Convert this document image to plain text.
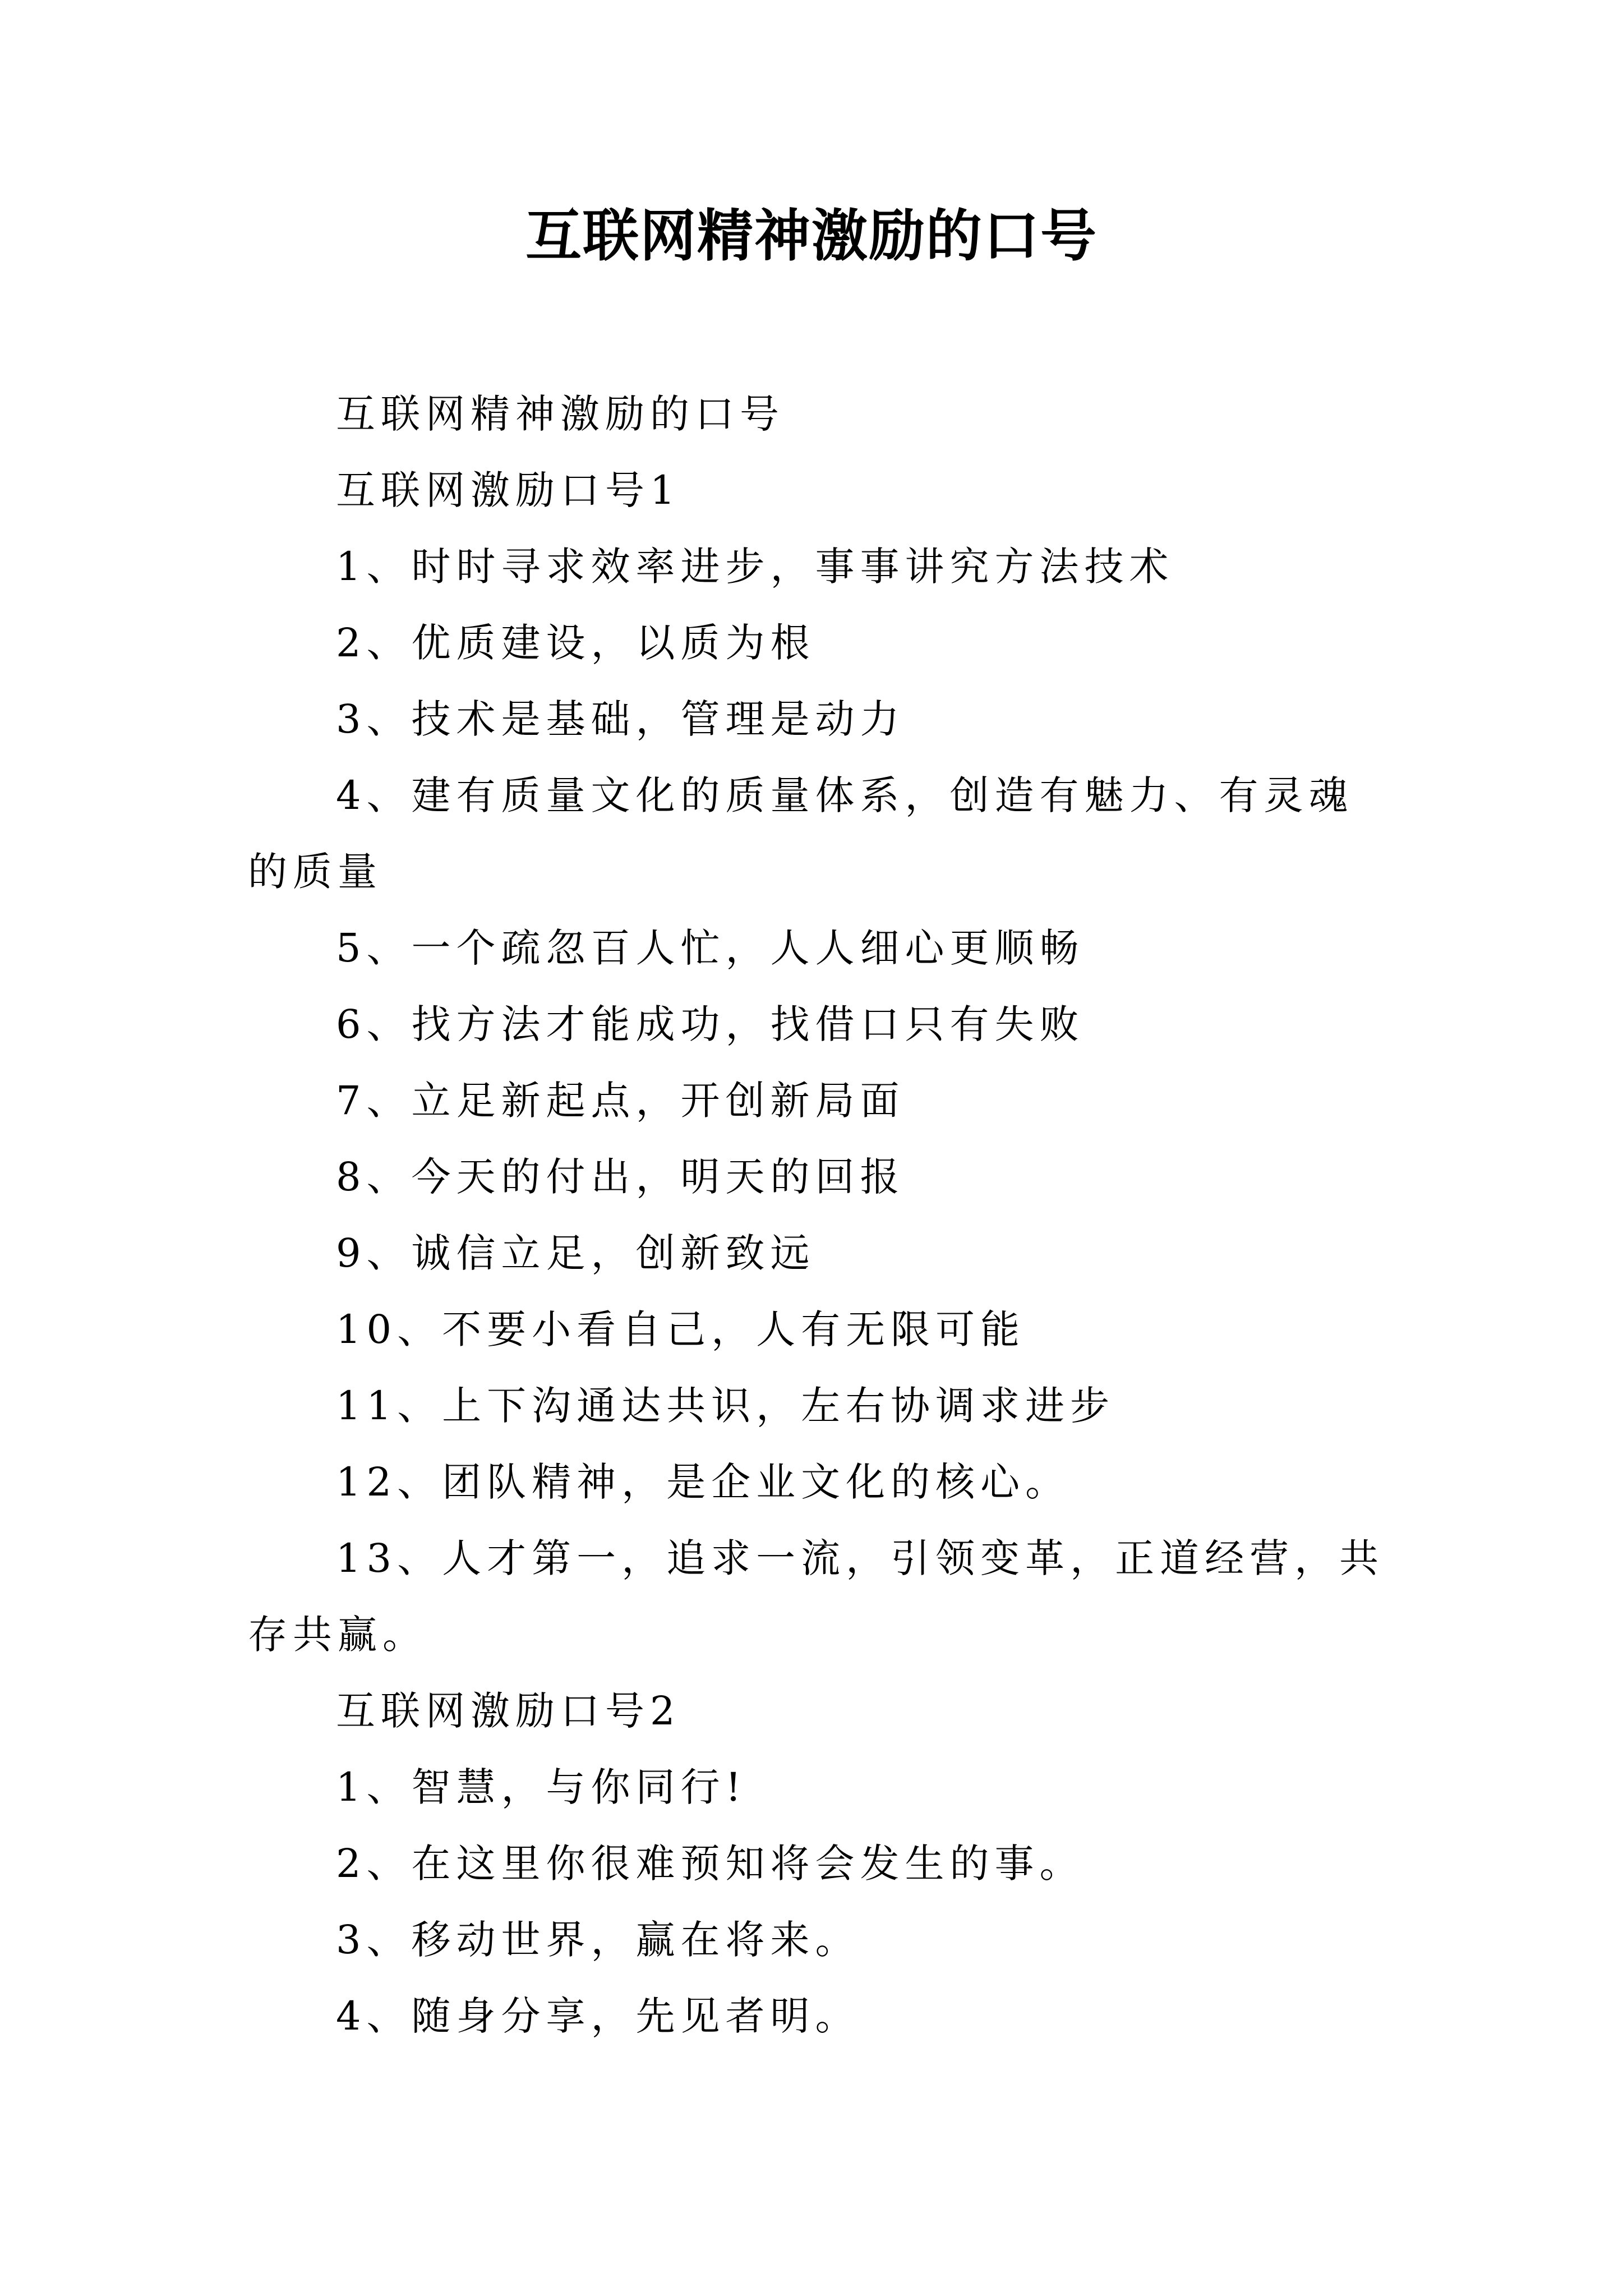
互联网精神激励的口号

互联网精神激励的口号

互联网激励口号1

1、时时寻求效率进步，事事讲究方法技术

2、优质建设，以质为根

3、技术是基础，管理是动力

4、建有质量文化的质量体系，创造有魅力、有灵魂的质量

5、一个疏忽百人忙，人人细心更顺畅

6、找方法才能成功，找借口只有失败

7、立足新起点，开创新局面

8、今天的付出，明天的回报

9、诚信立足，创新致远

10、不要小看自己，人有无限可能

11、上下沟通达共识，左右协调求进步

12、团队精神，是企业文化的核心。

13、人才第一，追求一流，引领变革，正道经营，共存共赢。

互联网激励口号2

1、智慧，与你同行!

2、在这里你很难预知将会发生的事。

3、移动世界，赢在将来。

4、随身分享，先见者明。
